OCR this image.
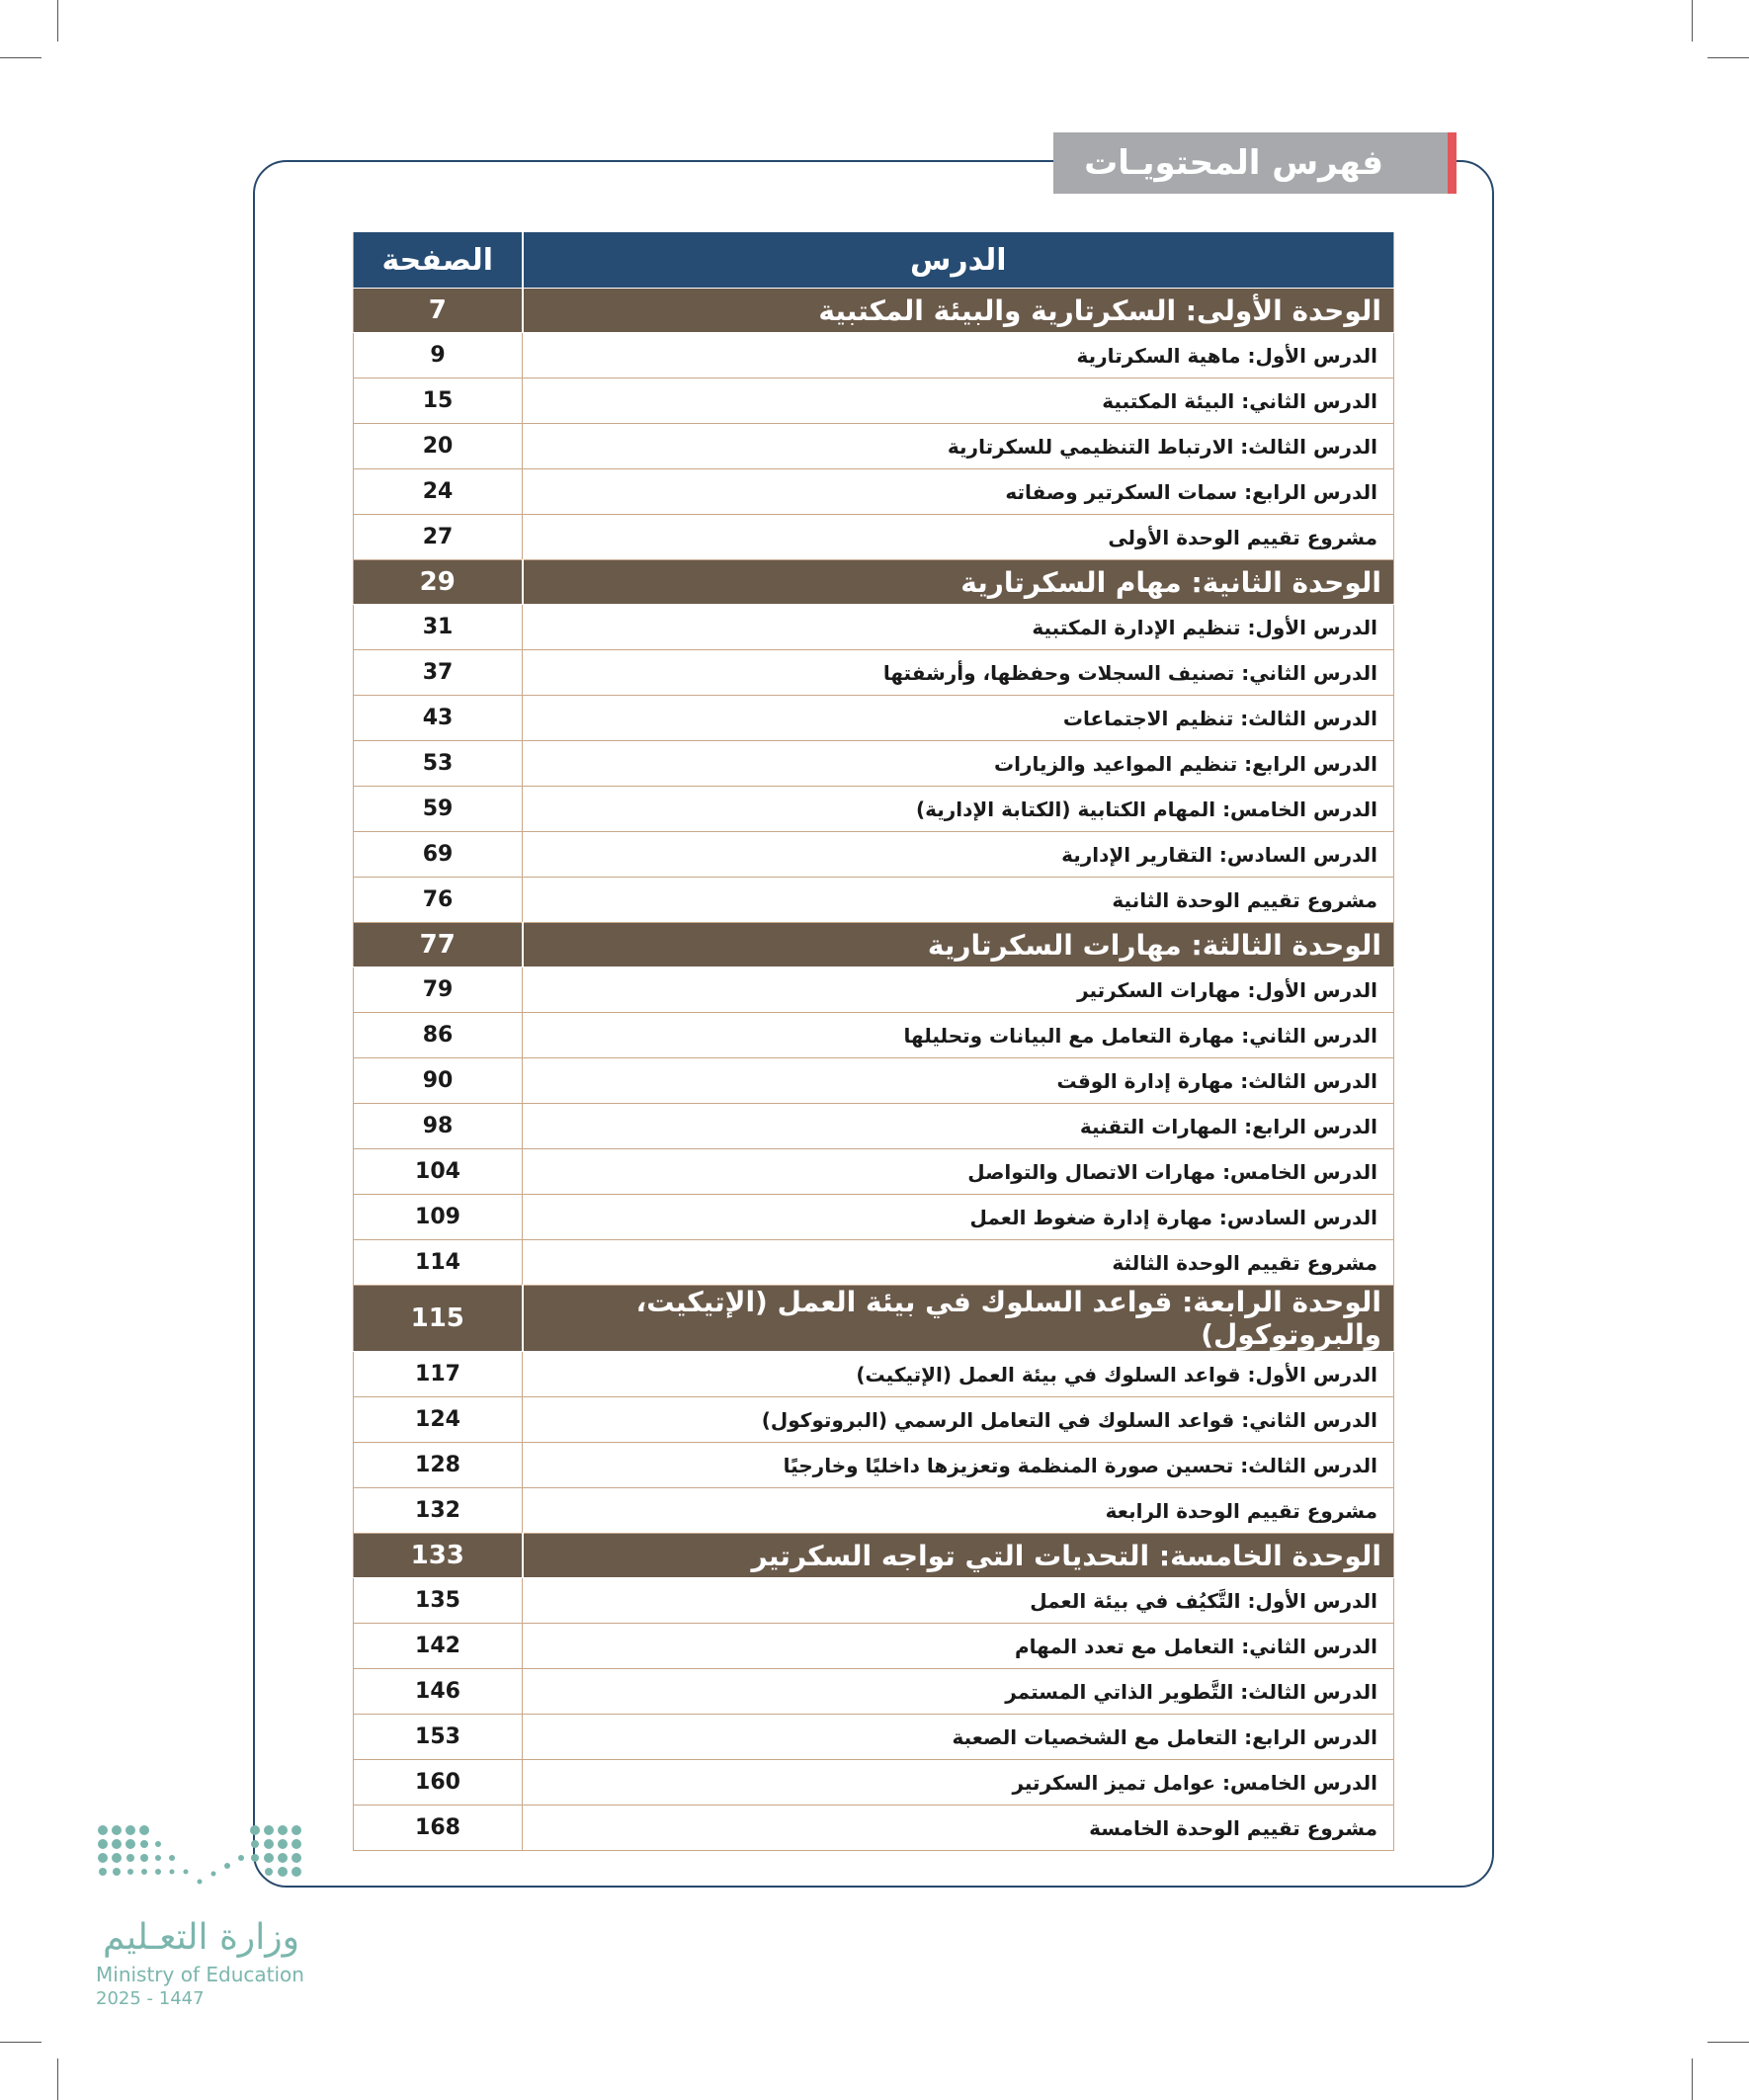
فهرس المحتويـات
الدرس	الصفحة
الوحدة الأولى: السكرتارية والبيئة المكتبية	7
الدرس الأول: ماهية السكرتارية	9
الدرس الثاني: البيئة المكتبية	15
الدرس الثالث: الارتباط التنظيمي للسكرتارية	20
الدرس الرابع: سمات السكرتير وصفاته	24
مشروع تقييم الوحدة الأولى	27
الوحدة الثانية: مهام السكرتارية	29
الدرس الأول: تنظيم الإدارة المكتبية	31
الدرس الثاني: تصنيف السجلات وحفظها، وأرشفتها	37
الدرس الثالث: تنظيم الاجتماعات	43
الدرس الرابع: تنظيم المواعيد والزيارات	53
الدرس الخامس: المهام الكتابية (الكتابة الإدارية)	59
الدرس السادس: التقارير الإدارية	69
مشروع تقييم الوحدة الثانية	76
الوحدة الثالثة: مهارات السكرتارية	77
الدرس الأول: مهارات السكرتير	79
الدرس الثاني: مهارة التعامل مع البيانات وتحليلها	86
الدرس الثالث: مهارة إدارة الوقت	90
الدرس الرابع: المهارات التقنية	98
الدرس الخامس: مهارات الاتصال والتواصل	104
الدرس السادس: مهارة إدارة ضغوط العمل	109
مشروع تقييم الوحدة الثالثة	114
الوحدة الرابعة: قواعد السلوك في بيئة العمل (الإتيكيت، والبروتوكول)	115
الدرس الأول: قواعد السلوك في بيئة العمل (الإتيكيت)	117
الدرس الثاني: قواعد السلوك في التعامل الرسمي (البروتوكول)	124
الدرس الثالث: تحسين صورة المنظمة وتعزيزها داخليًا وخارجيًا	128
مشروع تقييم الوحدة الرابعة	132
الوحدة الخامسة: التحديات التي تواجه السكرتير	133
الدرس الأول: التَّكيُف في بيئة العمل	135
الدرس الثاني: التعامل مع تعدد المهام	142
الدرس الثالث: التَّطوير الذاتي المستمر	146
الدرس الرابع: التعامل مع الشخصيات الصعبة	153
الدرس الخامس: عوامل تميز السكرتير	160
مشروع تقييم الوحدة الخامسة	168
وزارة التعـليم
Ministry of Education
2025 - 1447
